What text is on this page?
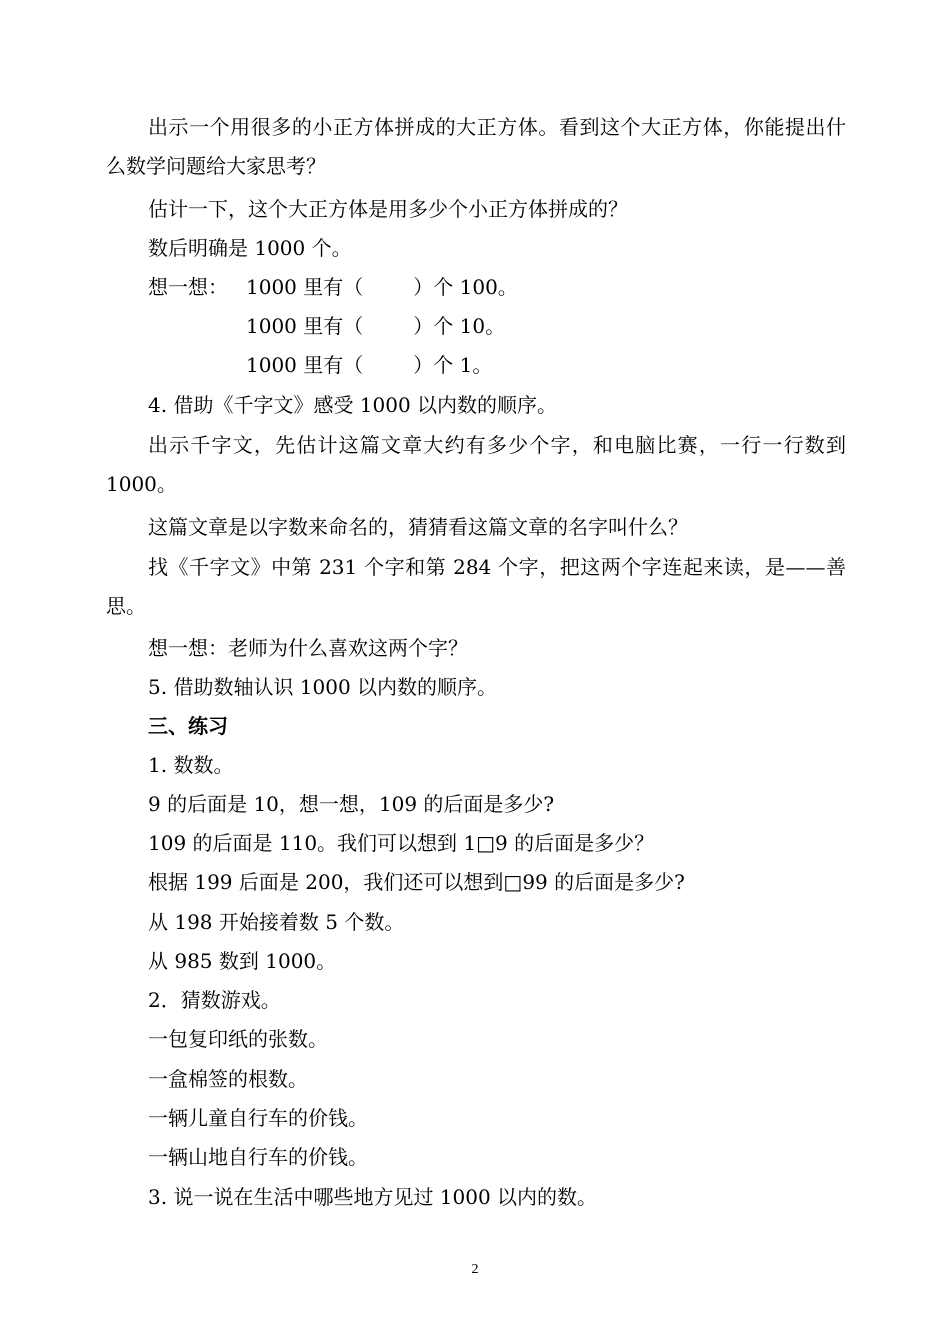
出示一个用很多的小正方体拼成的大正方体。看到这个大正方体，你能提出什么数学问题给大家思考？
估计一下，这个大正方体是用多少个小正方体拼成的？
数后明确是 1000 个。
想一想： 1000 里有（	）个 100。
1000 里有（	）个 10。
1000 里有（	）个 1。
4. 借助《千字文》感受 1000 以内数的顺序。
出示千字文，先估计这篇文章大约有多少个字，和电脑比赛，一行一行数到 1000。
这篇文章是以字数来命名的，猜猜看这篇文章的名字叫什么？
找《千字文》中第 231 个字和第 284 个字，把这两个字连起来读，是——善思。
想一想：老师为什么喜欢这两个字？
5. 借助数轴认识 1000 以内数的顺序。
三、练习
1. 数数。
9 的后面是 10，想一想，109 的后面是多少?
109 的后面是 110。我们可以想到 1□9 的后面是多少？
根据 199 后面是 200，我们还可以想到□99 的后面是多少?
从 198 开始接着数 5 个数。
从 985 数到 1000。
2．猜数游戏。
一包复印纸的张数。
一盒棉签的根数。
一辆儿童自行车的价钱。
一辆山地自行车的价钱。
3. 说一说在生活中哪些地方见过 1000 以内的数。
2
